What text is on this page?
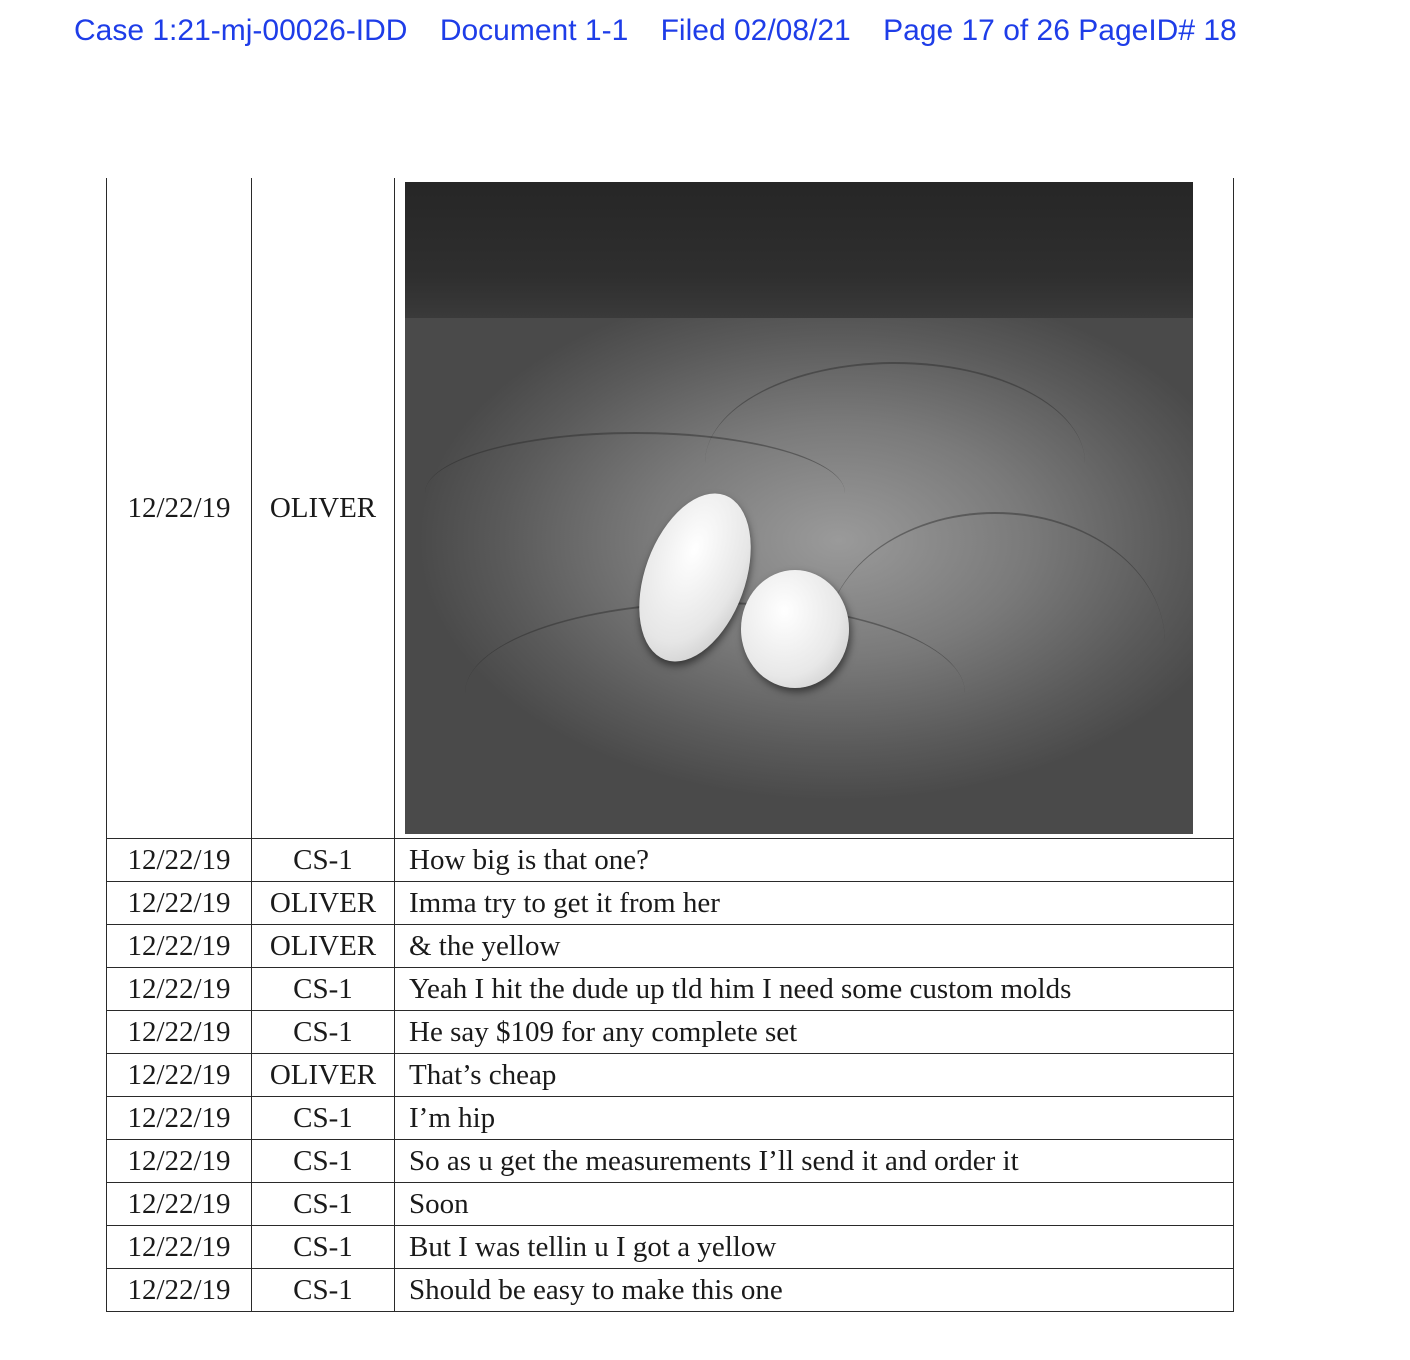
Case 1:21-mj-00026-IDD Document 1-1 Filed 02/08/21 Page 17 of 26 PageID# 18
12/22/19	OLIVER	

12/22/19	CS-1	How big is that one?
12/22/19	OLIVER	Imma try to get it from her
12/22/19	OLIVER	& the yellow
12/22/19	CS-1	Yeah I hit the dude up tld him I need some custom molds
12/22/19	CS-1	He say $109 for any complete set
12/22/19	OLIVER	That’s cheap
12/22/19	CS-1	I’m hip
12/22/19	CS-1	So as u get the measurements I’ll send it and order it
12/22/19	CS-1	Soon
12/22/19	CS-1	But I was tellin u I got a yellow
12/22/19	CS-1	Should be easy to make this one
